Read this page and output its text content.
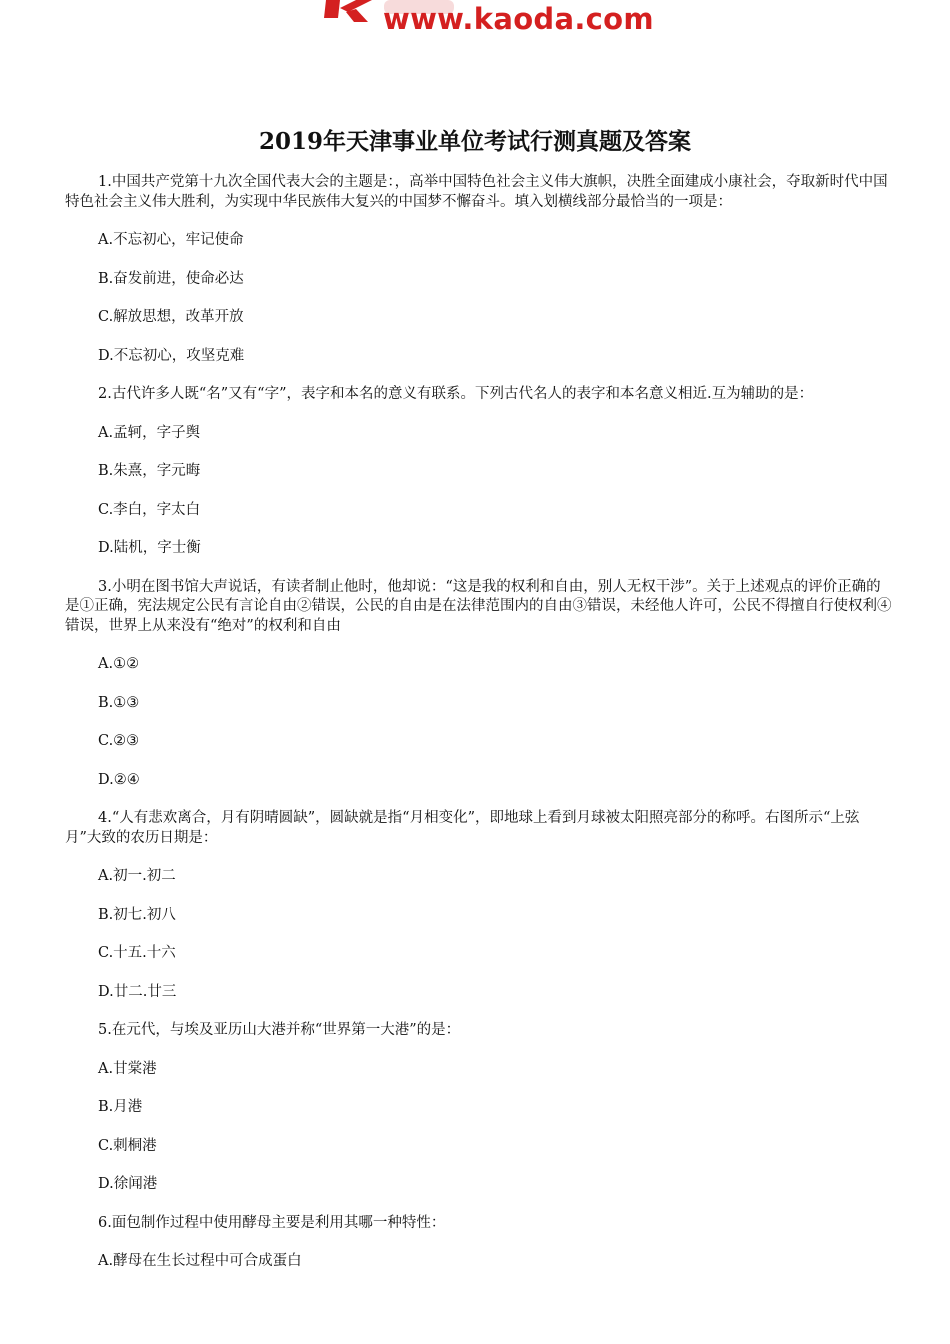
www.kaoda.com
2019年天津事业单位考试行测真题及答案

1.中国共产党第十九次全国代表大会的主题是：，高举中国特色社会主义伟大旗帜，决胜全面建成小康社会，夺取新时代中国特色社会主义伟大胜利，为实现中华民族伟大复兴的中国梦不懈奋斗。填入划横线部分最恰当的一项是：

A.不忘初心，牢记使命

B.奋发前进，使命必达

C.解放思想，改革开放

D.不忘初心，攻坚克难

2.古代许多人既“名”又有“字”，表字和本名的意义有联系。下列古代名人的表字和本名意义相近.互为辅助的是：

A.孟轲，字子舆

B.朱熹，字元晦

C.李白，字太白

D.陆机，字士衡

3.小明在图书馆大声说话，有读者制止他时，他却说：“这是我的权利和自由，别人无权干涉”。关于上述观点的评价正确的是①正确，宪法规定公民有言论自由②错误，公民的自由是在法律范围内的自由③错误，未经他人许可，公民不得擅自行使权利④错误，世界上从来没有“绝对”的权利和自由

A.①②

B.①③

C.②③

D.②④

4.“人有悲欢离合，月有阴晴圆缺”，圆缺就是指“月相变化”，即地球上看到月球被太阳照亮部分的称呼。右图所示“上弦月”大致的农历日期是：

A.初一.初二

B.初七.初八

C.十五.十六

D.廿二.廿三

5.在元代，与埃及亚历山大港并称“世界第一大港”的是：

A.甘棠港

B.月港

C.刺桐港

D.徐闻港

6.面包制作过程中使用酵母主要是利用其哪一种特性：

A.酵母在生长过程中可合成蛋白
